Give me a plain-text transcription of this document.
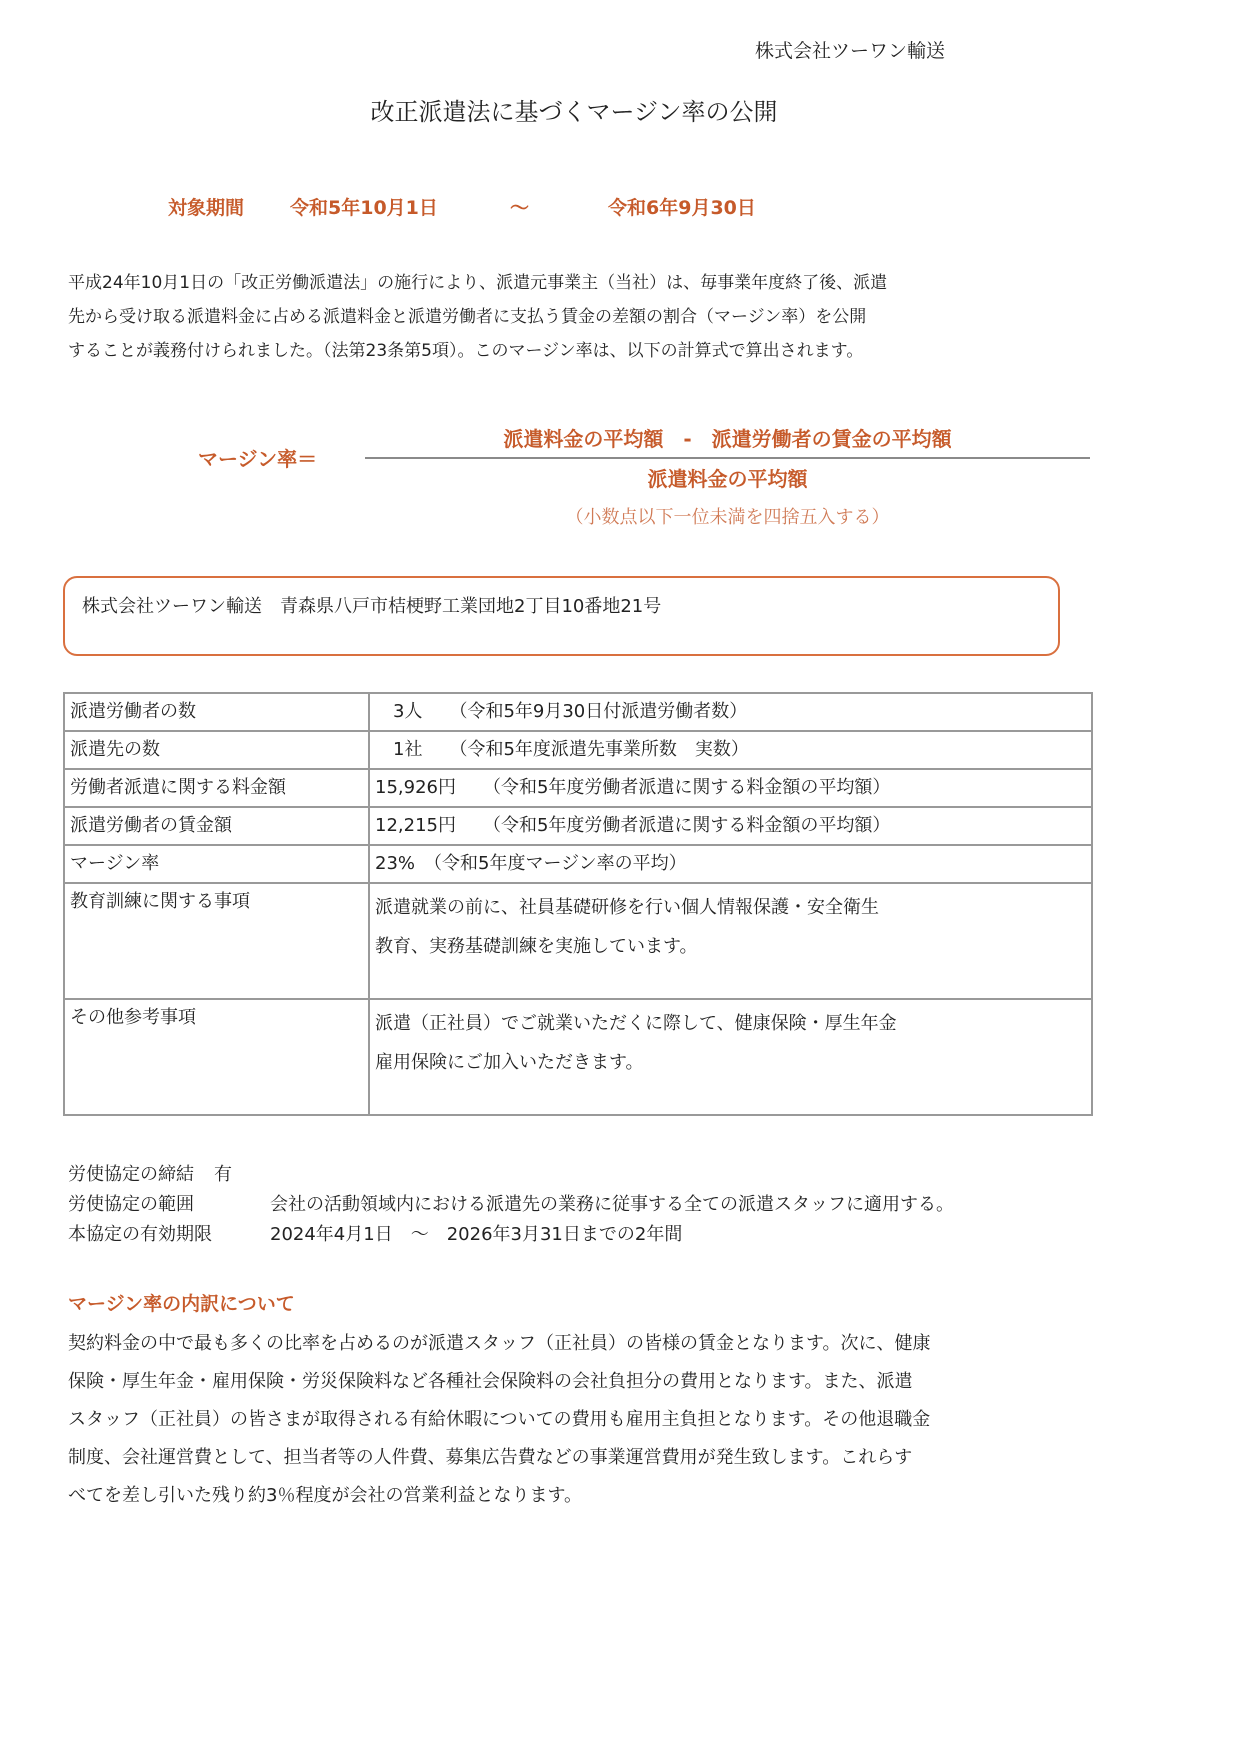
株式会社ツーワン輸送
改正派遣法に基づくマージン率の公開
対象期間 令和5年10月1日	～	令和6年9月30日
平成24年10月1日の「改正労働派遣法」の施行により、派遣元事業主（当社）は、毎事業年度終了後、派遣
先から受け取る派遣料金に占める派遣料金と派遣労働者に支払う賃金の差額の割合（マージン率）を公開
することが義務付けられました。（法第23条第5項）。このマージン率は、以下の計算式で算出されます。
マージン率＝
派遣料金の平均額　‐　派遣労働者の賃金の平均額
派遣料金の平均額
（小数点以下一位未満を四捨五入する）
株式会社ツーワン輸送　青森県八戸市桔梗野工業団地2丁目10番地21号
派遣労働者の数	　3人　　（令和5年9月30日付派遣労働者数）

派遣先の数	　1社　　（令和5年度派遣先事業所数　実数）

労働者派遣に関する料金額	15,926円　　（令和5年度労働者派遣に関する料金額の平均額）

派遣労働者の賃金額	12,215円　　（令和5年度労働者派遣に関する料金額の平均額）

マージン率	23%　（令和5年度マージン率の平均）

教育訓練に関する事項	派遣就業の前に、社員基礎研修を行い個人情報保護・安全衛生
教育、実務基礎訓練を実施しています。

その他参考事項	派遣（正社員）でご就業いただくに際して、健康保険・厚生年金
雇用保険にご加入いただきます。
労使協定の締結 有
労使協定の範囲	会社の活動領域内における派遣先の業務に従事する全ての派遣スタッフに適用する。
本協定の有効期限	2024年4月1日　～　2026年3月31日までの2年間
マージン率の内訳について
契約料金の中で最も多くの比率を占めるのが派遣スタッフ（正社員）の皆様の賃金となります。次に、健康
保険・厚生年金・雇用保険・労災保険料など各種社会保険料の会社負担分の費用となります。また、派遣
スタッフ（正社員）の皆さまが取得される有給休暇についての費用も雇用主負担となります。その他退職金
制度、会社運営費として、担当者等の人件費、募集広告費などの事業運営費用が発生致します。これらす
べてを差し引いた残り約3％程度が会社の営業利益となります。
